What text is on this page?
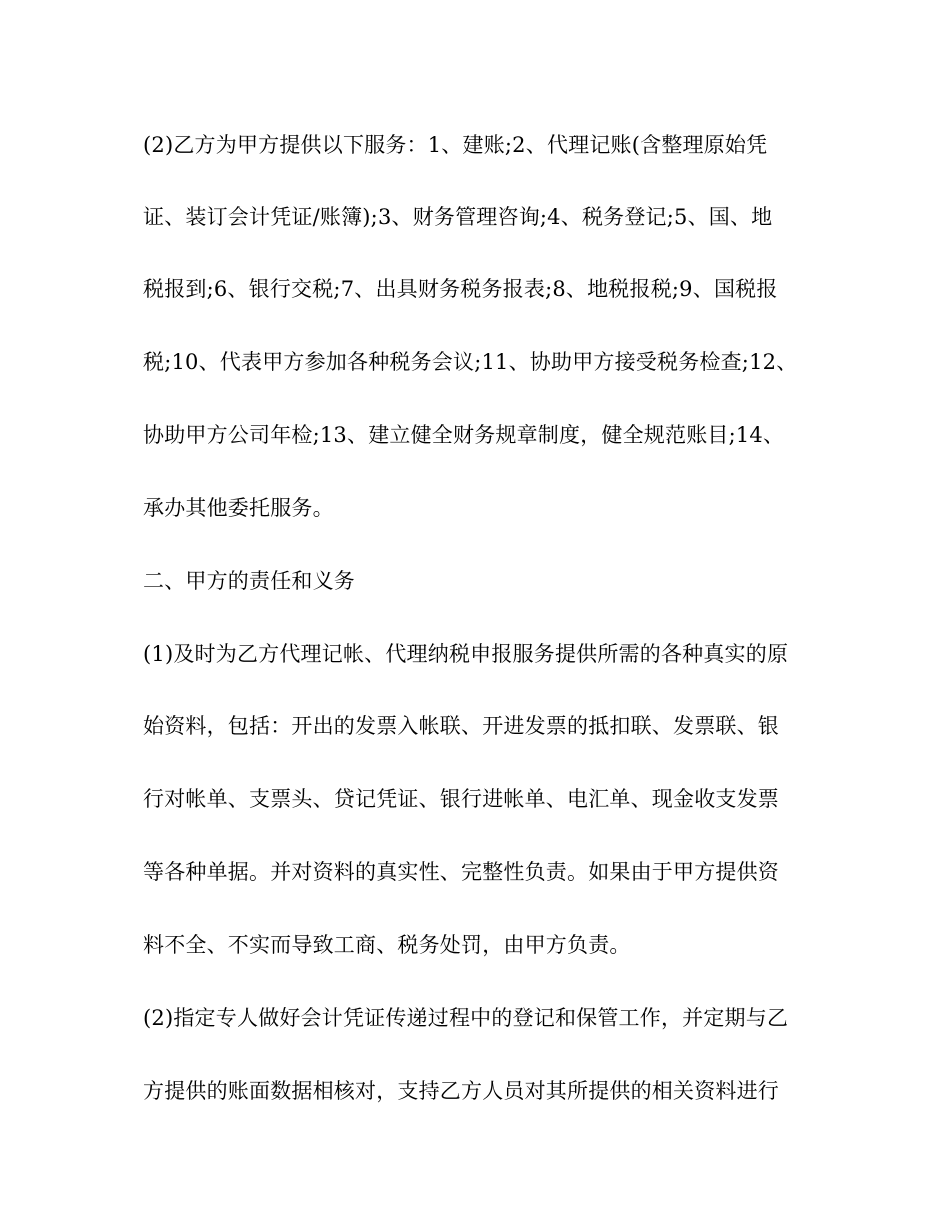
(2)乙方为甲方提供以下服务：1、建账;2、代理记账(含整理原始凭
证、装订会计凭证/账簿);3、财务管理咨询;4、税务登记;5、国、地
税报到;6、银行交税;7、出具财务税务报表;8、地税报税;9、国税报
税;10、代表甲方参加各种税务会议;11、协助甲方接受税务检查;12、
协助甲方公司年检;13、建立健全财务规章制度，健全规范账目;14、
承办其他委托服务。
二、甲方的责任和义务
(1)及时为乙方代理记帐、代理纳税申报服务提供所需的各种真实的原
始资料，包括：开出的发票入帐联、开进发票的抵扣联、发票联、银
行对帐单、支票头、贷记凭证、银行进帐单、电汇单、现金收支发票
等各种单据。并对资料的真实性、完整性负责。如果由于甲方提供资
料不全、不实而导致工商、税务处罚，由甲方负责。
(2)指定专人做好会计凭证传递过程中的登记和保管工作，并定期与乙
方提供的账面数据相核对，支持乙方人员对其所提供的相关资料进行
